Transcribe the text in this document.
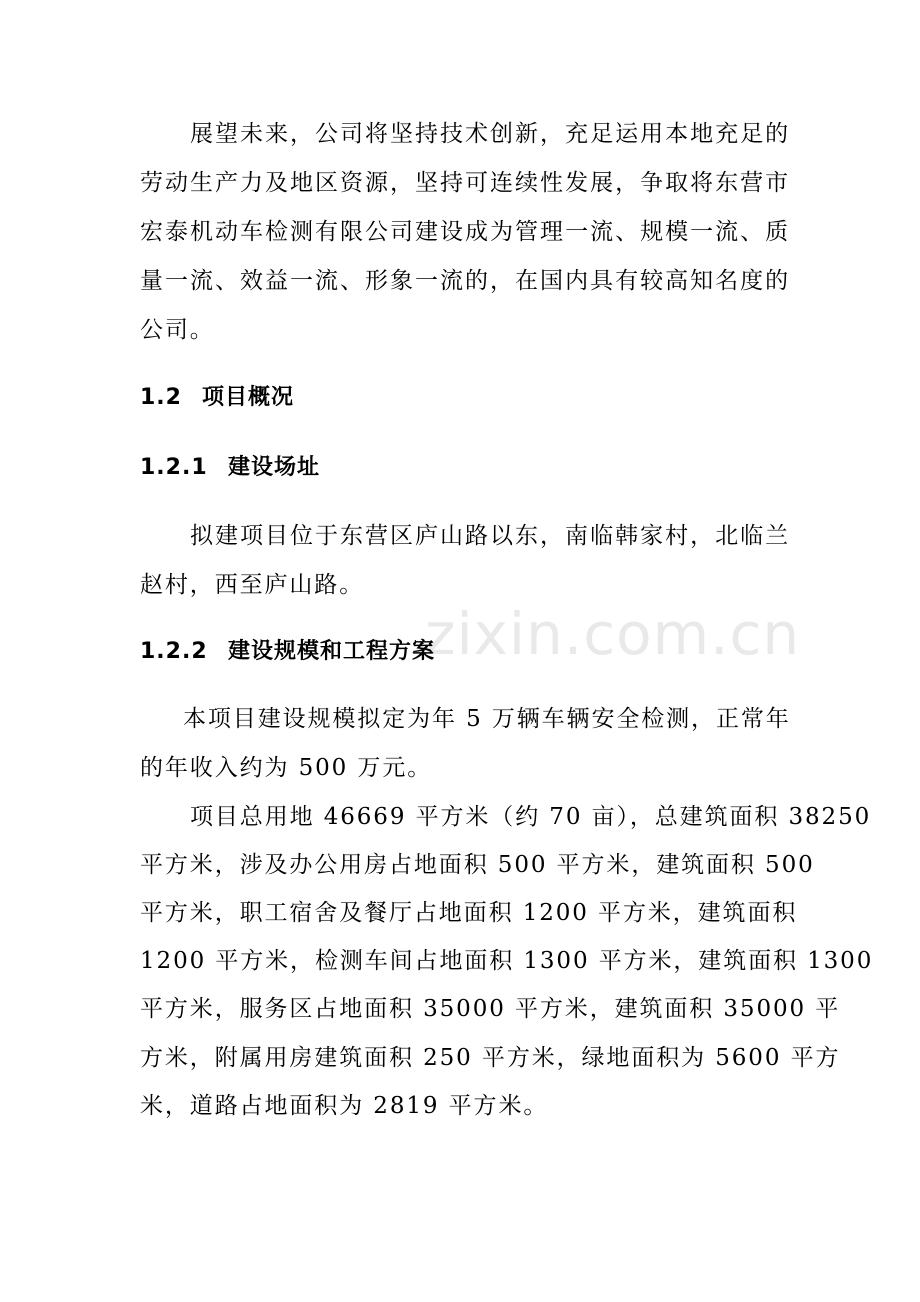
zixin.com.cn
展望未来，公司将坚持技术创新，充足运用本地充足的
劳动生产力及地区资源，坚持可连续性发展，争取将东营市
宏泰机动车检测有限公司建设成为管理一流、规模一流、质
量一流、效益一流、形象一流的，在国内具有较高知名度的
公司。
1.2 项目概况
1.2.1 建设场址
拟建项目位于东营区庐山路以东，南临韩家村，北临兰
赵村，西至庐山路。
1.2.2 建设规模和工程方案
本项目建设规模拟定为年 5 万辆车辆安全检测，正常年
的年收入约为 500 万元。
项目总用地 46669 平方米（约 70 亩），总建筑面积 38250
平方米，涉及办公用房占地面积 500 平方米，建筑面积 500
平方米，职工宿舍及餐厅占地面积 1200 平方米，建筑面积
1200 平方米，检测车间占地面积 1300 平方米，建筑面积 1300
平方米，服务区占地面积 35000 平方米，建筑面积 35000 平
方米，附属用房建筑面积 250 平方米，绿地面积为 5600 平方
米，道路占地面积为 2819 平方米。
